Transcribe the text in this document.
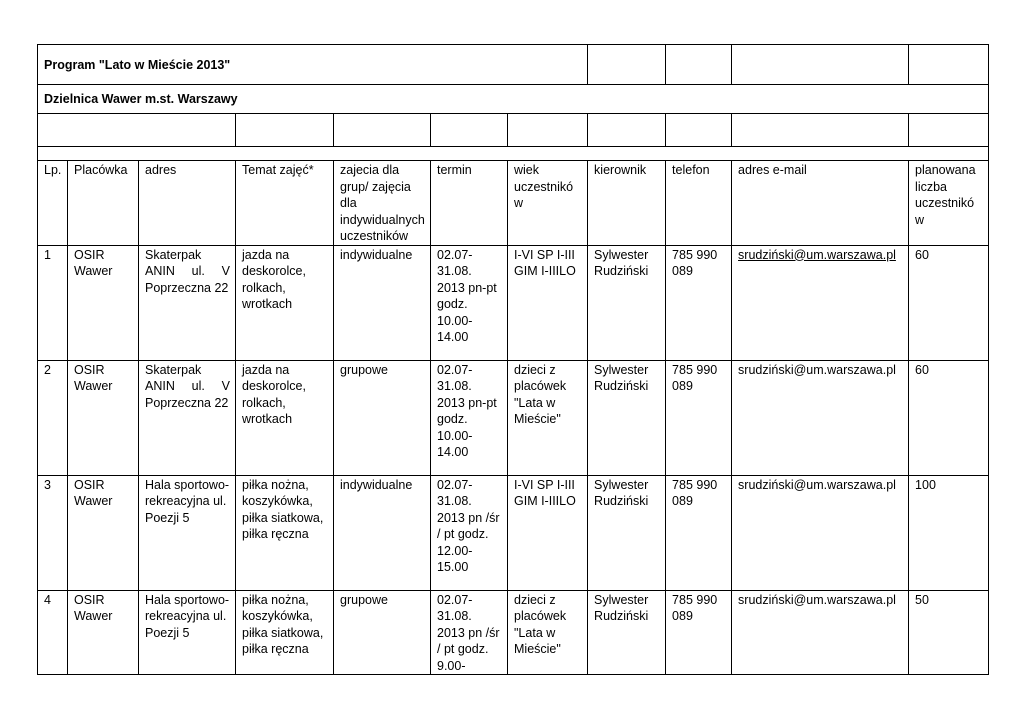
Program "Lato w Mieście 2013"										
Dzielnica Wawer m.st. Warszawy										

Lp.	Placówka	adres	Temat zajęć*	zajecia dla grup/ zajęcia dla indywidualnych uczestników	termin	wiek uczestników	kierownik	telefon	adres e-mail	planowana liczba uczestników
1	OSIR Wawer	Skaterpak ANIN ul. V Poprzeczna 22	jazda na deskorolce, rolkach, wrotkach	indywidualne	02.07-31.08. 2013 pn-pt godz. 10.00-14.00	I-VI SP I-III GIM I-IIILO	Sylwester Rudziński	785 990 089	srudziński@um.warszawa.pl	60
2	OSIR Wawer	Skaterpak ANIN ul. V Poprzeczna 22	jazda na deskorolce, rolkach, wrotkach	grupowe	02.07-31.08. 2013 pn-pt godz. 10.00-14.00	dzieci z placówek "Lata w Mieście"	Sylwester Rudziński	785 990 089	srudziński@um.warszawa.pl	60
3	OSIR Wawer	Hala sportowo-rekreacyjna ul. Poezji 5	piłka nożna, koszykówka, piłka siatkowa, piłka ręczna	indywidualne	02.07-31.08. 2013 pn /śr / pt godz. 12.00-15.00	I-VI SP I-III GIM I-IIILO	Sylwester Rudziński	785 990 089	srudziński@um.warszawa.pl	100
4	OSIR Wawer	Hala sportowo-rekreacyjna ul. Poezji 5	piłka nożna, koszykówka, piłka siatkowa, piłka ręczna	grupowe	02.07-31.08. 2013 pn /śr / pt godz. 9.00-	dzieci z placówek "Lata w Mieście"	Sylwester Rudziński	785 990 089	srudziński@um.warszawa.pl	50
